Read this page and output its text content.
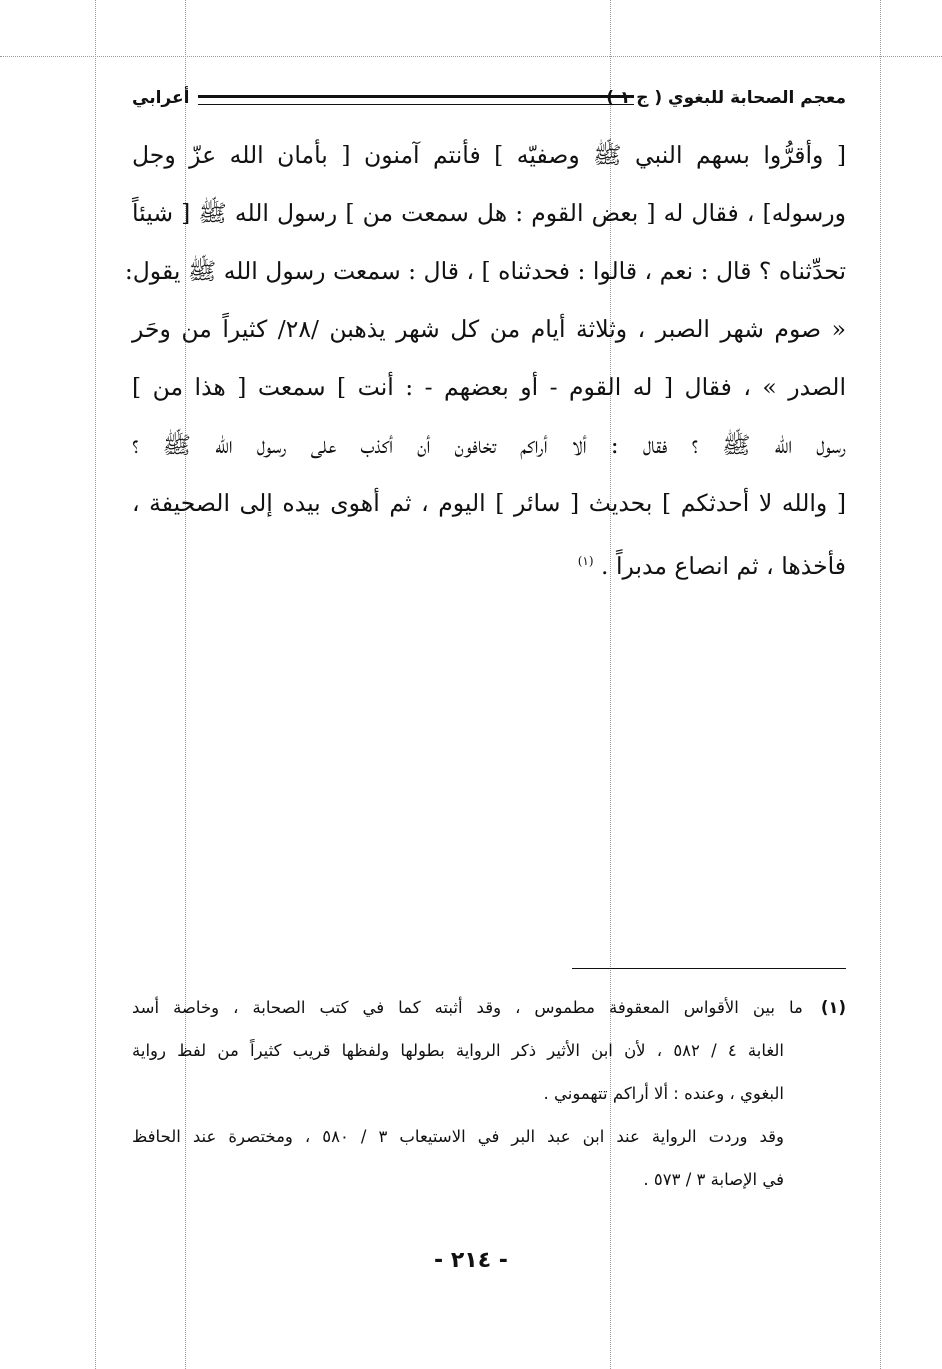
معجم الصحابة للبغوي ( ج ١ )
أعرابي
[ وأقرُّوا بسهم النبي ﷺ وصفيّه ] فأنتم آمنون [ بأمان الله عزّ وجل
ورسوله] ، فقال له [ بعض القوم : هل سمعت من ] رسول الله ﷺ [ شيئاً
تحدِّثناه ؟ قال : نعم ، قالوا : فحدثناه ] ، قال : سمعت رسول الله ﷺ يقول:
« صوم شهر الصبر ، وثلاثة أيام من كل شهر يذهبن /٢٨/ كثيراً من وحَر
الصدر » ، فقال [ له القوم - أو بعضهم - : أنت ] سمعت [ هذا من ]
رسول الله ﷺ ؟ فقال : ألا أراكم تخافون أن أكذب على رسول الله ﷺ ؟
[ والله لا أحدثكم ] بحديث [ سائر ] اليوم ، ثم أهوى بيده إلى الصحيفة ،
فأخذها ، ثم انصاع مدبراً . $^{(١)}$
(١)ما بين الأقواس المعقوفة مطموس ، وقد أثبته كما في كتب الصحابة ، وخاصة أسد
الغابة ٤ / ٥٨٢ ، لأن ابن الأثير ذكر الرواية بطولها ولفظها قريب كثيراً من لفظ رواية
البغوي ، وعنده : ألا أراكم تتهموني .
وقد وردت الرواية عند ابن عبد البر في الاستيعاب ٣ / ٥٨٠ ، ومختصرة عند الحافظ
في الإصابة ٣ / ٥٧٣ .
- ٢١٤ -
